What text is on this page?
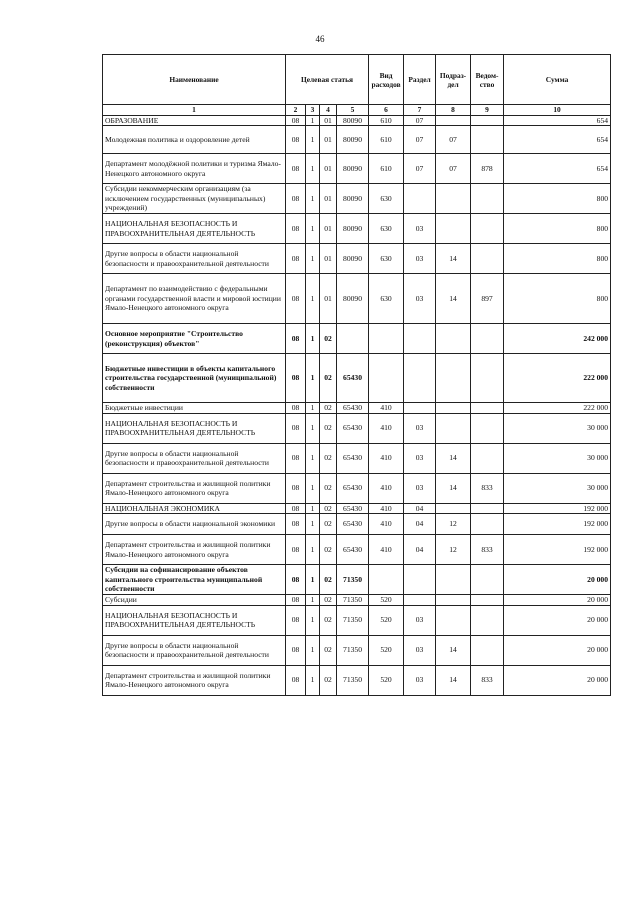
46
Наименование	Целевая статья				Вид расходов	Раздел	Подраз- дел	Ведом- ство	Сумма
1	2	3	4	5	6	7	8	9	10
ОБРАЗОВАНИЕ	08	1	01	80090	610	07			654
Молодежная политика и оздоровление детей	08	1	01	80090	610	07	07		654
Департамент молодёжной политики и туризма Ямало-Ненецкого автономного округа	08	1	01	80090	610	07	07	878	654
Субсидии некоммерческим организациям (за исключением государственных (муниципальных) учреждений)	08	1	01	80090	630				800
НАЦИОНАЛЬНАЯ БЕЗОПАСНОСТЬ И ПРАВООХРАНИТЕЛЬНАЯ ДЕЯТЕЛЬНОСТЬ	08	1	01	80090	630	03			800
Другие вопросы в области национальной безопасности и правоохранительной деятельности	08	1	01	80090	630	03	14		800
Департамент по взаимодействию с федеральными органами государственной власти и мировой юстиции Ямало-Ненецкого автономного округа	08	1	01	80090	630	03	14	897	800
Основное мероприятие "Строительство (реконструкция) объектов"	08	1	02						242 000
Бюджетные инвестиции в объекты капитального строительства государственной (муниципальной) собственности	08	1	02	65430					222 000
Бюджетные инвестиции	08	1	02	65430	410				222 000
НАЦИОНАЛЬНАЯ БЕЗОПАСНОСТЬ И ПРАВООХРАНИТЕЛЬНАЯ ДЕЯТЕЛЬНОСТЬ	08	1	02	65430	410	03			30 000
Другие вопросы в области национальной безопасности и правоохранительной деятельности	08	1	02	65430	410	03	14		30 000
Департамент строительства и жилищной политики Ямало-Ненецкого автономного округа	08	1	02	65430	410	03	14	833	30 000
НАЦИОНАЛЬНАЯ ЭКОНОМИКА	08	1	02	65430	410	04			192 000
Другие вопросы в области национальной экономики	08	1	02	65430	410	04	12		192 000
Департамент строительства и жилищной политики Ямало-Ненецкого автономного округа	08	1	02	65430	410	04	12	833	192 000
Субсидии на софинансирование объектов капитального строительства муниципальной собственности	08	1	02	71350					20 000
Субсидии	08	1	02	71350	520				20 000
НАЦИОНАЛЬНАЯ БЕЗОПАСНОСТЬ И ПРАВООХРАНИТЕЛЬНАЯ ДЕЯТЕЛЬНОСТЬ	08	1	02	71350	520	03			20 000
Другие вопросы в области национальной безопасности и правоохранительной деятельности	08	1	02	71350	520	03	14		20 000
Департамент строительства и жилищной политики Ямало-Ненецкого автономного округа	08	1	02	71350	520	03	14	833	20 000
